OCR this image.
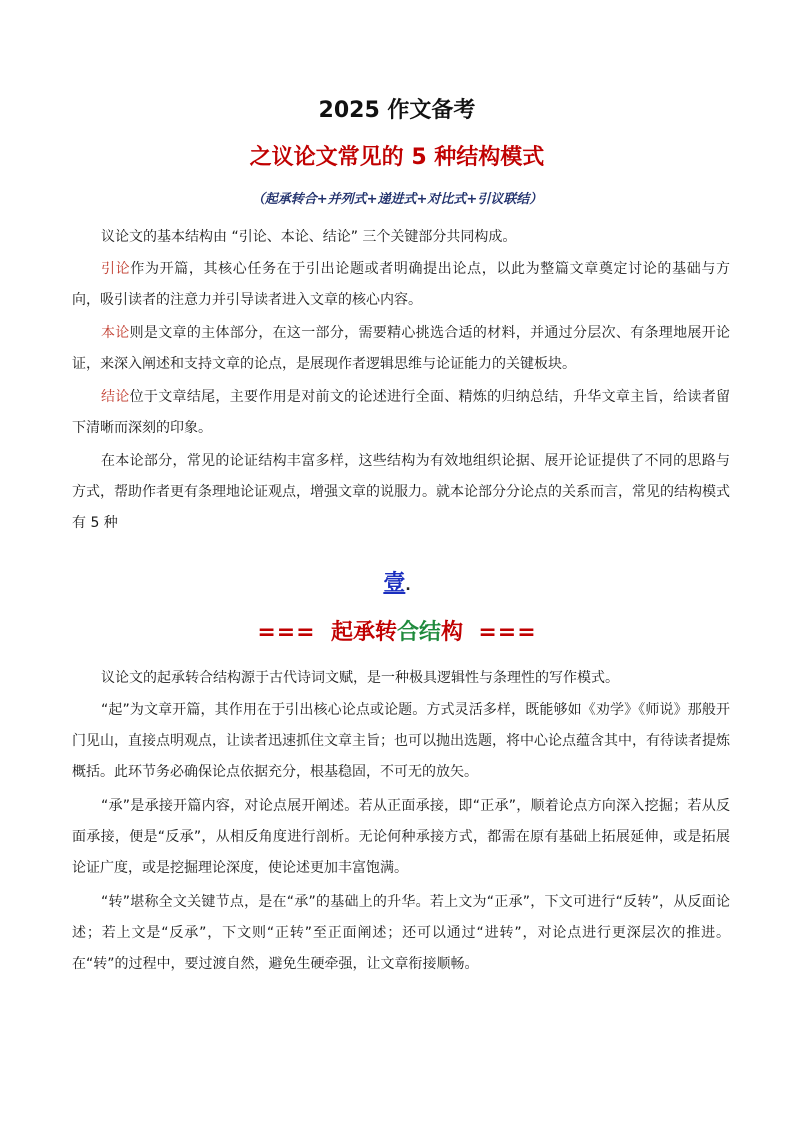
2025 作文备考
之议论文常见的 5 种结构模式
（起承转合+并列式+递进式+对比式+引议联结）

议论文的基本结构由 “引论、本论、结论” 三个关键部分共同构成。

引论作为开篇，其核心任务在于引出论题或者明确提出论点，以此为整篇文章奠定讨论的基础与方向，吸引读者的注意力并引导读者进入文章的核心内容。

本论则是文章的主体部分，在这一部分，需要精心挑选合适的材料，并通过分层次、有条理地展开论证，来深入阐述和支持文章的论点，是展现作者逻辑思维与论证能力的关键板块。

结论位于文章结尾，主要作用是对前文的论述进行全面、精炼的归纳总结，升华文章主旨，给读者留下清晰而深刻的印象。

在本论部分，常见的论证结构丰富多样，这些结构为有效地组织论据、展开论证提供了不同的思路与方式，帮助作者更有条理地论证观点，增强文章的说服力。就本论部分分论点的关系而言，常见的结构模式有 5 种

壹.
=== 起承转合结构 ===

议论文的起承转合结构源于古代诗词文赋，是一种极具逻辑性与条理性的写作模式。

“起”为文章开篇，其作用在于引出核心论点或论题。方式灵活多样，既能够如《劝学》《师说》那般开门见山，直接点明观点，让读者迅速抓住文章主旨；也可以抛出选题，将中心论点蕴含其中，有待读者提炼概括。此环节务必确保论点依据充分，根基稳固，不可无的放矢。

“承”是承接开篇内容，对论点展开阐述。若从正面承接，即“正承”，顺着论点方向深入挖掘；若从反面承接，便是“反承”，从相反角度进行剖析。无论何种承接方式，都需在原有基础上拓展延伸，或是拓展论证广度，或是挖掘理论深度，使论述更加丰富饱满。

“转”堪称全文关键节点，是在“承”的基础上的升华。若上文为“正承”，下文可进行“反转”，从反面论述；若上文是“反承”，下文则“正转”至正面阐述；还可以通过“进转”，对论点进行更深层次的推进。在“转”的过程中，要过渡自然，避免生硬牵强，让文章衔接顺畅。
